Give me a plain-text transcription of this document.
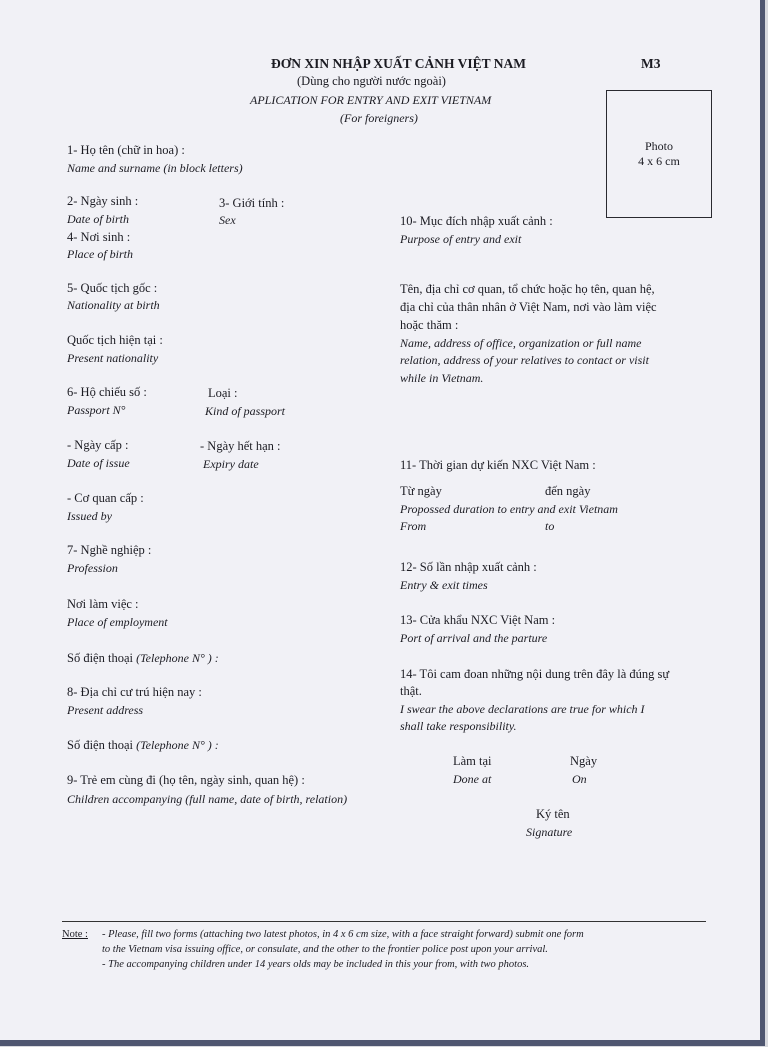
ĐƠN XIN NHẬP XUẤT CẢNH VIỆT NAM	M3
(Dùng cho người nước ngoài)
APLICATION FOR ENTRY AND EXIT VIETNAM
(For foreigners)
Photo
4 x 6 cm
1- Họ tên (chữ in hoa) :
Name and surname (in block letters)
2- Ngày sinh :
Date of birth
3- Giới tính :
Sex
4- Nơi sinh :
Place of birth
5- Quốc tịch gốc :
Nationality at birth
Quốc tịch hiện tại :
Present nationality
6- Hộ chiếu số :
Passport N°
Loại :
Kind of passport
- Ngày cấp :
Date of issue
- Ngày hết hạn :
Expiry date
- Cơ quan cấp :
Issued by
7- Nghề nghiệp :
Profession
Nơi làm việc :
Place of employment
Số điện thoại (Telephone N° ) :
8- Địa chỉ cư trú hiện nay :
Present address
Số điện thoại (Telephone N° ) :
9- Trẻ em cùng đi (họ tên, ngày sinh, quan hệ) :
Children accompanying (full name, date of birth, relation)
10- Mục đích nhập xuất cảnh :
Purpose of entry and exit
Tên, địa chỉ cơ quan, tổ chức hoặc họ tên, quan hệ,
địa chỉ của thân nhân ở Việt Nam, nơi vào làm việc
hoặc thăm :
Name, address of office, organization or full name
relation, address of your relatives to contact or visit
while in Vietnam.
11- Thời gian dự kiến NXC Việt Nam :
Từ ngày	đến ngày
Propossed duration to entry and exit Vietnam
From	to
12- Số lần nhập xuất cảnh :
Entry & exit times
13- Cửa khẩu NXC Việt Nam :
Port of arrival and the parture
14- Tôi cam đoan những nội dung trên đây là đúng sự
thật.
I swear the above declarations are true for which I
shall take responsibility.
Làm tại
Done at
Ngày
On
Ký tên
Signature
Note : - Please, fill two forms (attaching two latest photos, in 4 x 6 cm size, with a face straight forward) submit one form
to the Vietnam visa issuing office, or consulate, and the other to the frontier police post upon your arrival.
- The accompanying children under 14 years olds may be included in this your from, with two photos.
